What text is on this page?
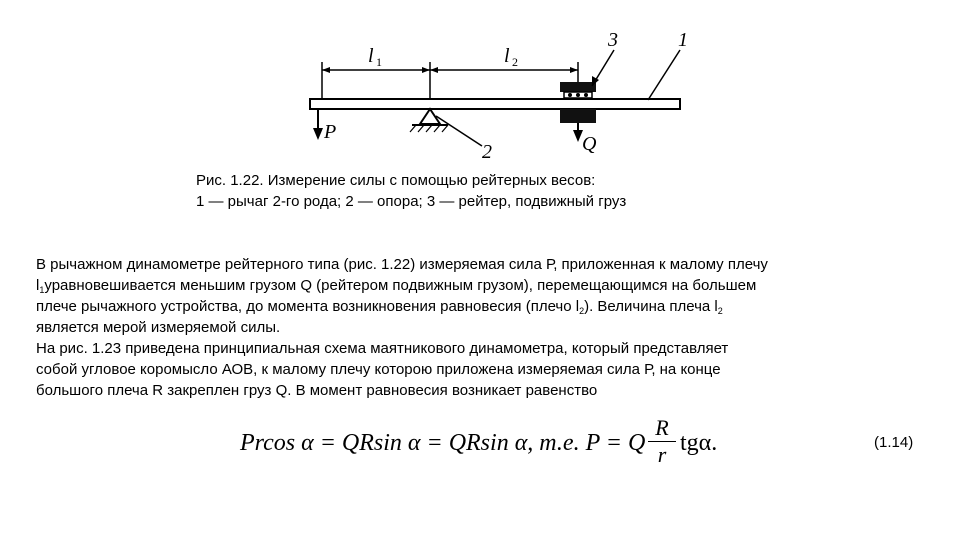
l 1	l 2
P
2	Q
3	1
Рис. 1.22. Измерение силы с помощью рейтерных весов:
1 — рычаг 2-го рода; 2 — опора; 3 — рейтер, подвижный груз
В рычажном динамометре рейтерного типа (рис. 1.22) измеряемая сила Р, приложенная к малому плечу
$l_1уравновешивается$ меньшим грузом Q (рейтером подвижным грузом), перемещающимся на большем
плече рычажного устройства, до момента возникновения равновесия (плечо $l_2$). Величина плеча $l_2$
является мерой измеряемой силы.
На рис. 1.23 приведена принципиальная схема маятникового динамометра, который представляет
собой угловое коромысло АОВ, к малому плечу которою приложена измеряемая сила Р, на конце
большого плеча R закреплен груз Q. В момент равновесия возникает равенство
Prcos α = QRsin α = QRsin α, т.е. P = Q
R
r tgα.	(1.14)
